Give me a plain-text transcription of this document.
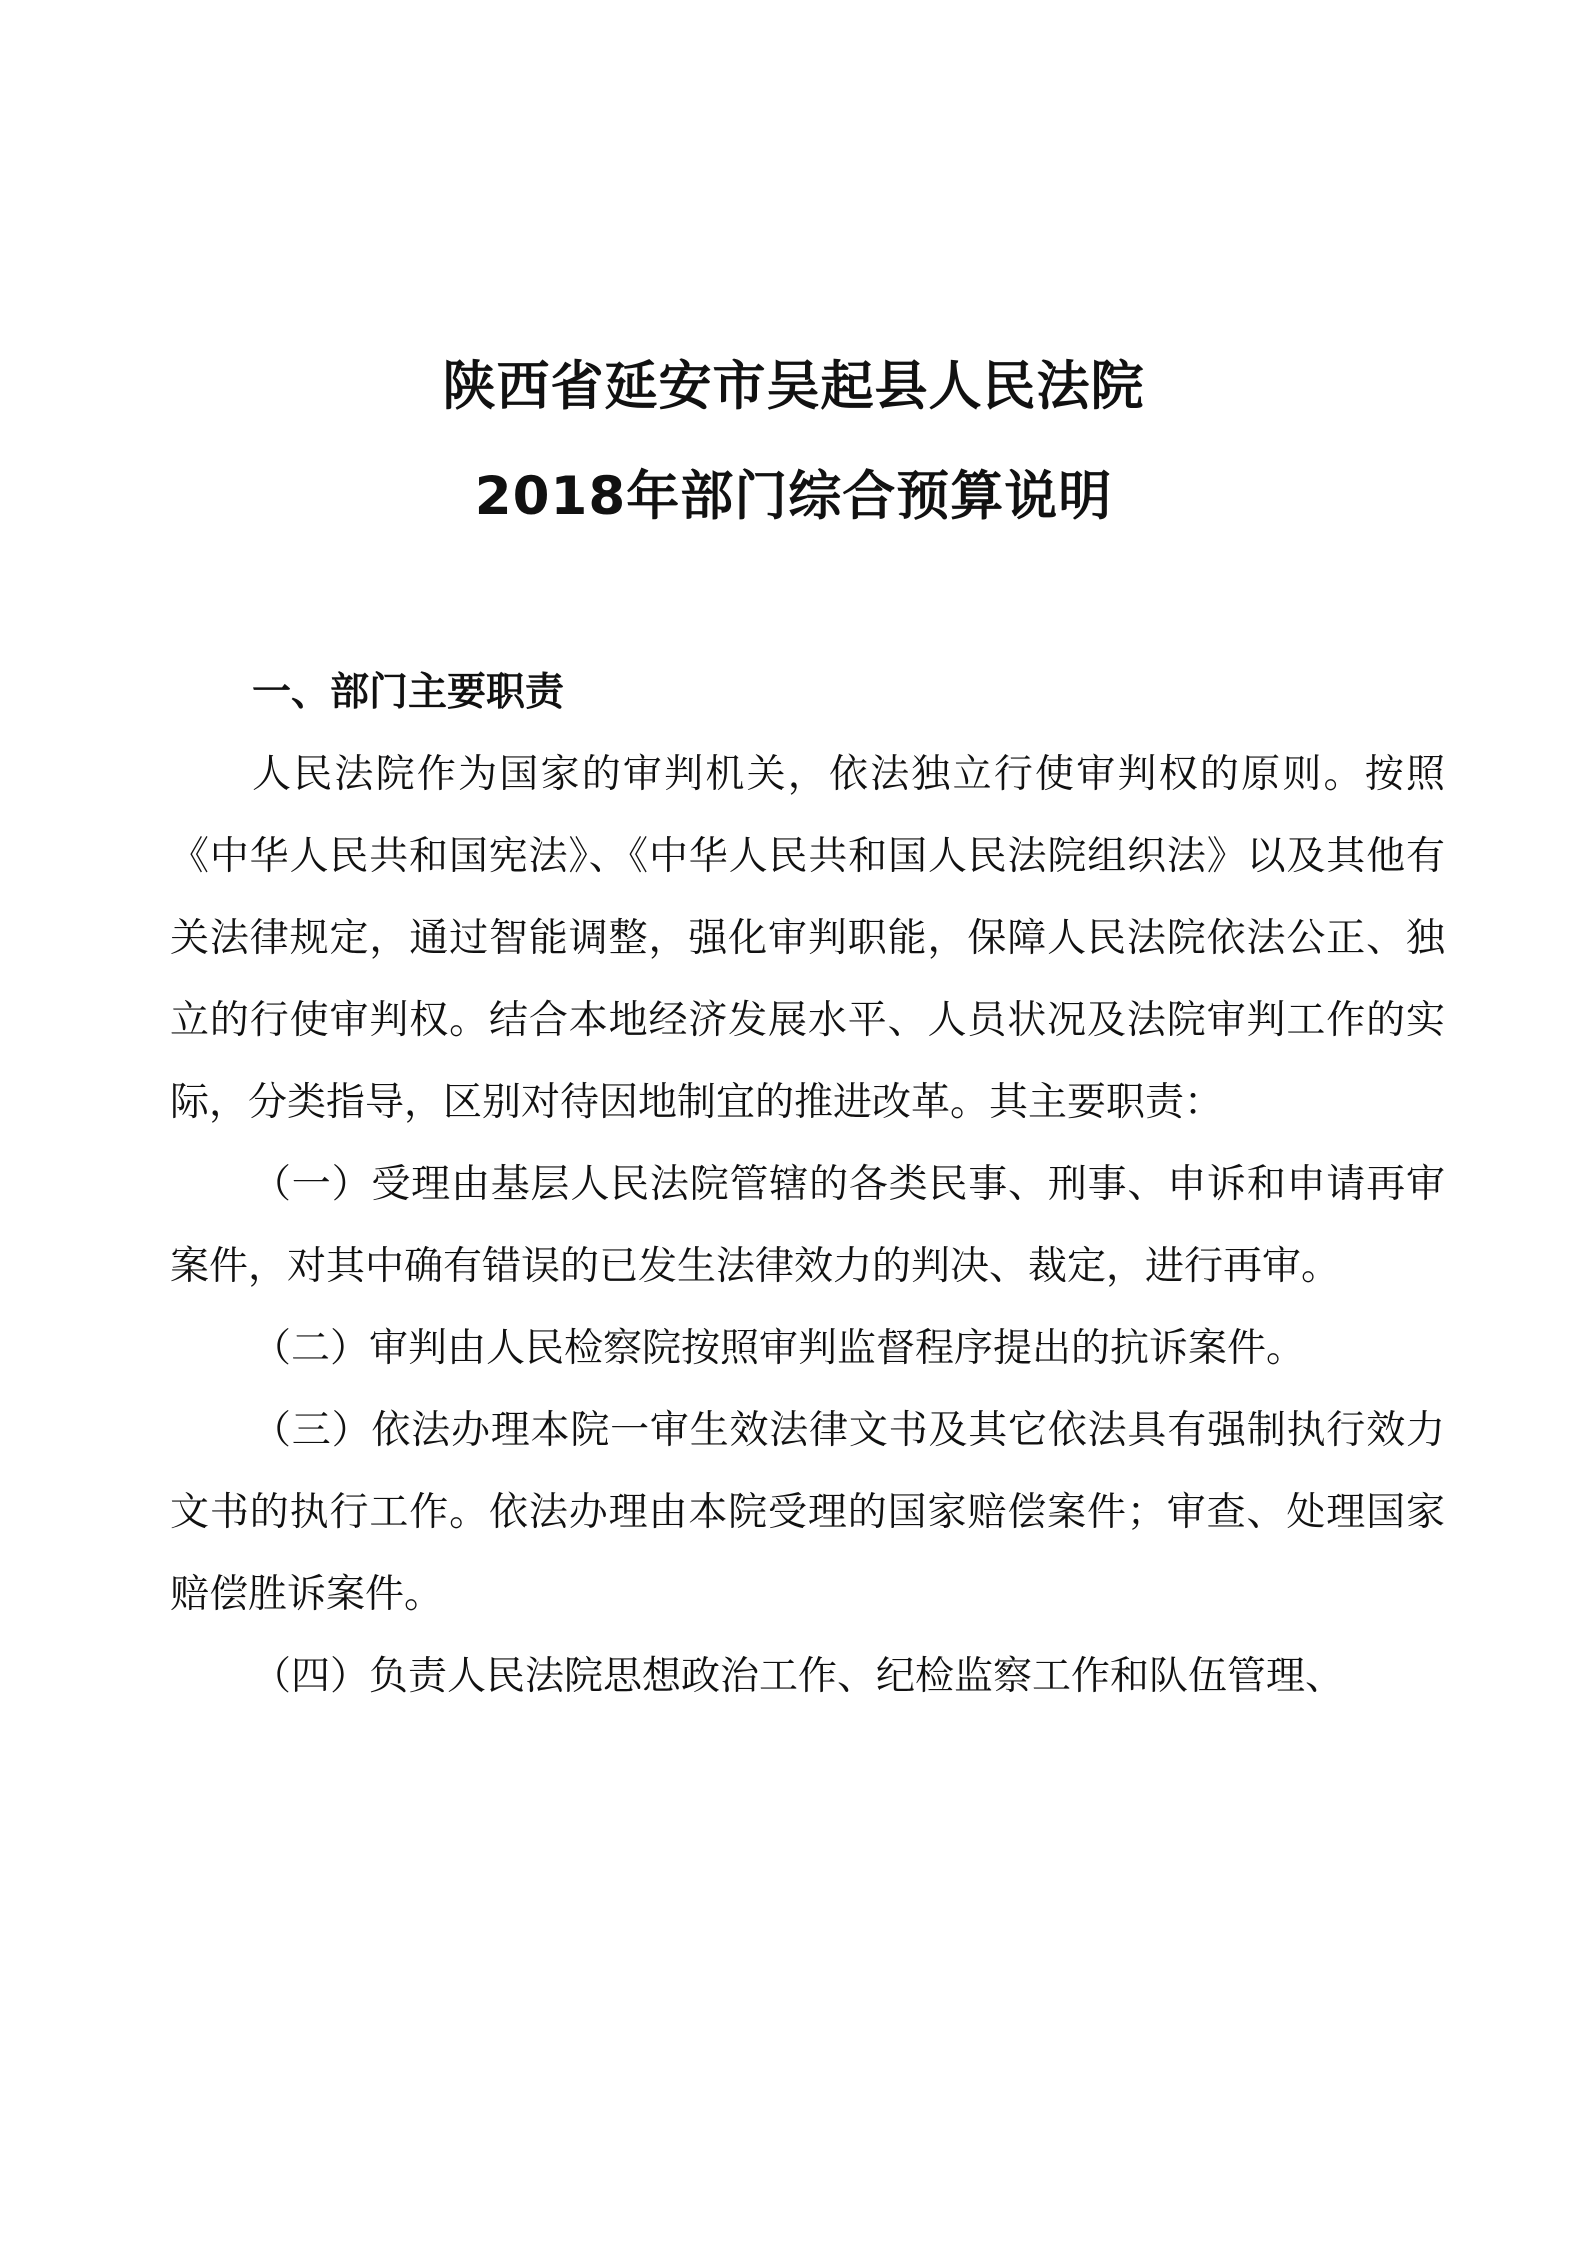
陕西省延安市吴起县人民法院
2018年部门综合预算说明

一、部门主要职责

人民法院作为国家的审判机关，依法独立行使审判权的原则。按照《中华人民共和国宪法》、《中华人民共和国人民法院组织法》以及其他有关法律规定，通过智能调整，强化审判职能，保障人民法院依法公正、独立的行使审判权。结合本地经济发展水平、人员状况及法院审判工作的实际，分类指导，区别对待因地制宜的推进改革。其主要职责：

（一）受理由基层人民法院管辖的各类民事、刑事、申诉和申请再审案件，对其中确有错误的已发生法律效力的判决、裁定，进行再审。

（二）审判由人民检察院按照审判监督程序提出的抗诉案件。

（三）依法办理本院一审生效法律文书及其它依法具有强制执行效力文书的执行工作。依法办理由本院受理的国家赔偿案件；审查、处理国家赔偿胜诉案件。

（四）负责人民法院思想政治工作、纪检监察工作和队伍管理、
